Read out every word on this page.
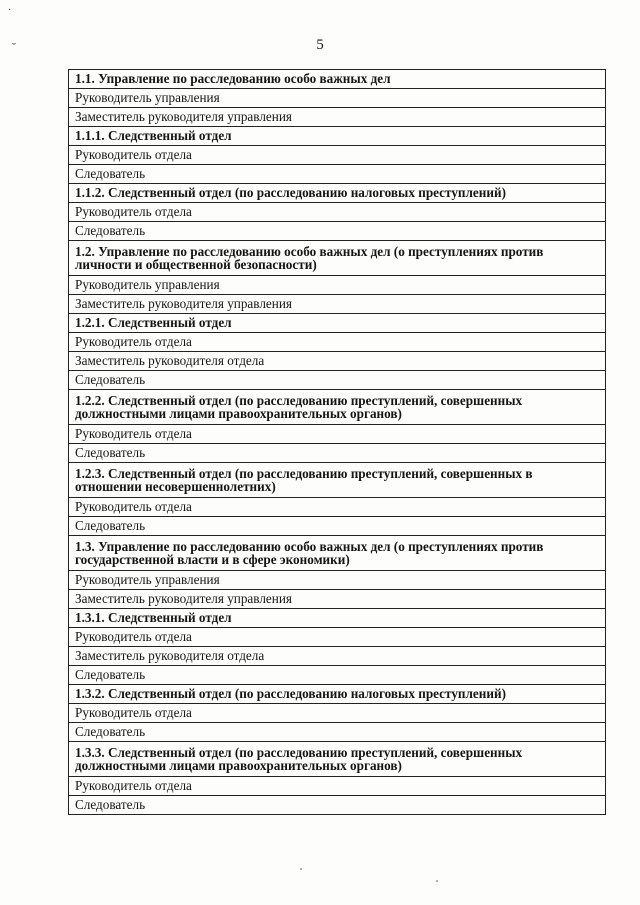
·
˘	5
1.1. Управление по расследованию особо важных дел
Руководитель управления
Заместитель руководителя управления
1.1.1. Следственный отдел
Руководитель отдела
Следователь
1.1.2. Следственный отдел (по расследованию налоговых преступлений)
Руководитель отдела
Следователь
1.2. Управление по расследованию особо важных дел (о преступлениях против личности и общественной безопасности)
Руководитель управления
Заместитель руководителя управления
1.2.1. Следственный отдел
Руководитель отдела
Заместитель руководителя отдела
Следователь
1.2.2. Следственный отдел (по расследованию преступлений, совершенных должностными лицами правоохранительных органов)
Руководитель отдела
Следователь
1.2.3. Следственный отдел (по расследованию преступлений, совершенных в отношении несовершеннолетних)
Руководитель отдела
Следователь
1.3. Управление по расследованию особо важных дел (о преступлениях против государственной власти и в сфере экономики)
Руководитель управления
Заместитель руководителя управления
1.3.1. Следственный отдел
Руководитель отдела
Заместитель руководителя отдела
Следователь
1.3.2. Следственный отдел (по расследованию налоговых преступлений)
Руководитель отдела
Следователь
1.3.3. Следственный отдел (по расследованию преступлений, совершенных должностными лицами правоохранительных органов)
Руководитель отдела
Следователь
